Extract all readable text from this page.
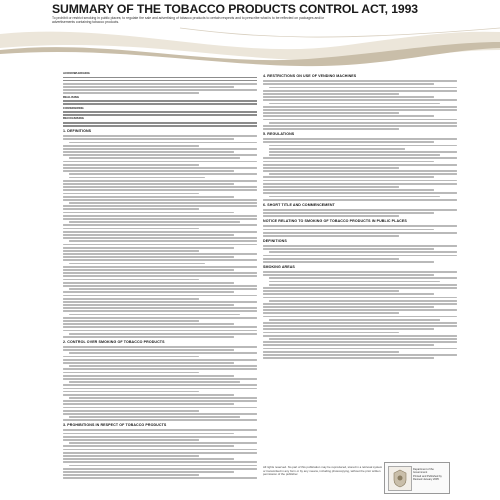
SUMMARY OF THE TOBACCO PRODUCTS CONTROL ACT, 1993
To prohibit or restrict smoking in public places; to regulate the sale and advertising of tobacco products to certain respects and to prescribe what is to be reflected on packages and/or advertisements containing tobacco products.
ACKNOWLEDGING
REALISING
CONSIDERING
RECOGNISING
1. DEFINITIONS
2. CONTROL OVER SMOKING OF TOBACCO PRODUCTS
3. PROHIBITIONS IN RESPECT OF TOBACCO PRODUCTS
4. RESTRICTIONS ON USE OF VENDING MACHINES
5. REGULATIONS
6. SHORT TITLE AND COMMENCEMENT
NOTICE RELATING TO SMOKING OF TOBACCO PRODUCTS IN PUBLIC PLACES
DEFINITIONS
SMOKING AREAS
All rights reserved. No part of this publication may be reproduced, stored in a retrieval system or transmitted in any form or by any means, including photocopying, without the prior written permission of the publisher.
Department of the Government
Printed and Published by
Revised January 2005
